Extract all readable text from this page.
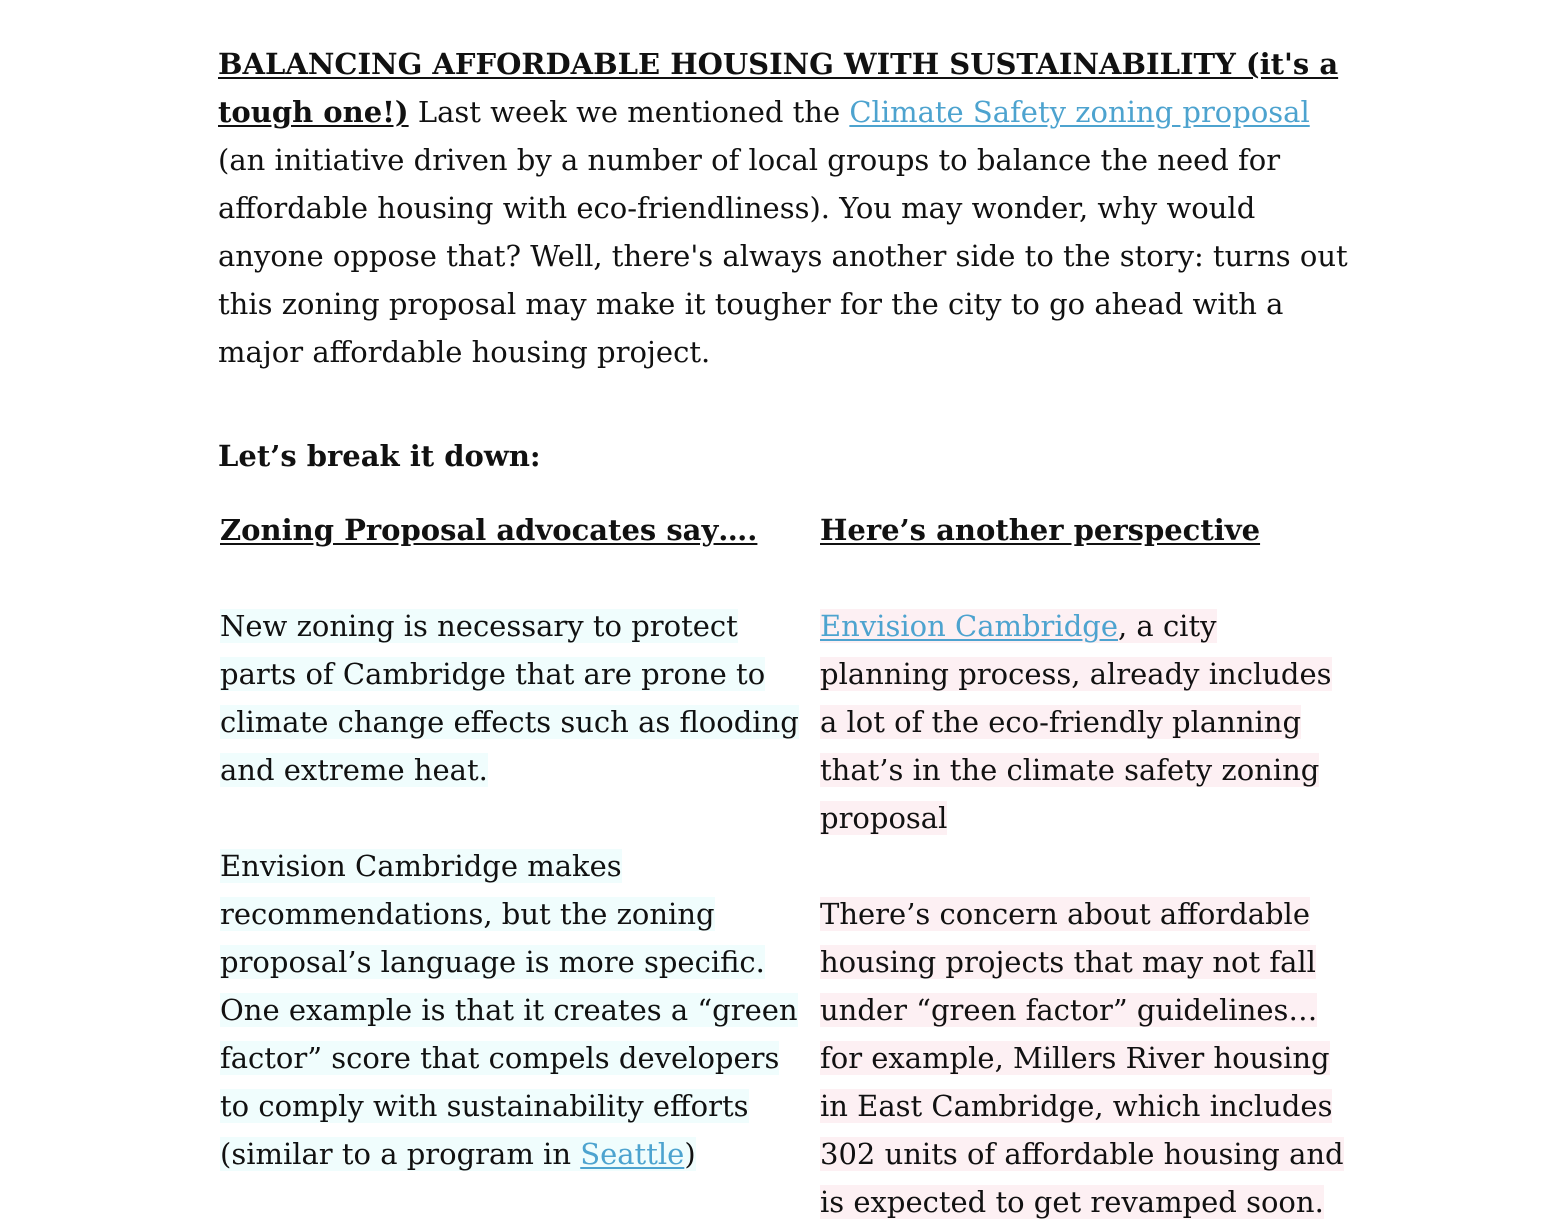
BALANCING AFFORDABLE HOUSING WITH SUSTAINABILITY (it's a tough one!) Last week we mentioned the Climate Safety zoning proposal (an initiative driven by a number of local groups to balance the need for affordable housing with eco-friendliness). You may wonder, why would anyone oppose that? Well, there's always another side to the story: turns out this zoning proposal may make it tougher for the city to go ahead with a major affordable housing project.

Let’s break it down:

Zoning Proposal advocates say….

New zoning is necessary to protect parts of Cambridge that are prone to climate change effects such as flooding and extreme heat.

Envision Cambridge makes recommendations, but the zoning proposal’s language is more specific. One example is that it creates a “green factor” score that compels developers to comply with sustainability efforts (similar to a program in Seattle)

Here’s another perspective

Envision Cambridge, a city planning process, already includes a lot of the eco-friendly planning that’s in the climate safety zoning proposal

There’s concern about affordable housing projects that may not fall under “green factor” guidelines… for example, Millers River housing in East Cambridge, which includes 302 units of affordable housing and is expected to get revamped soon.
